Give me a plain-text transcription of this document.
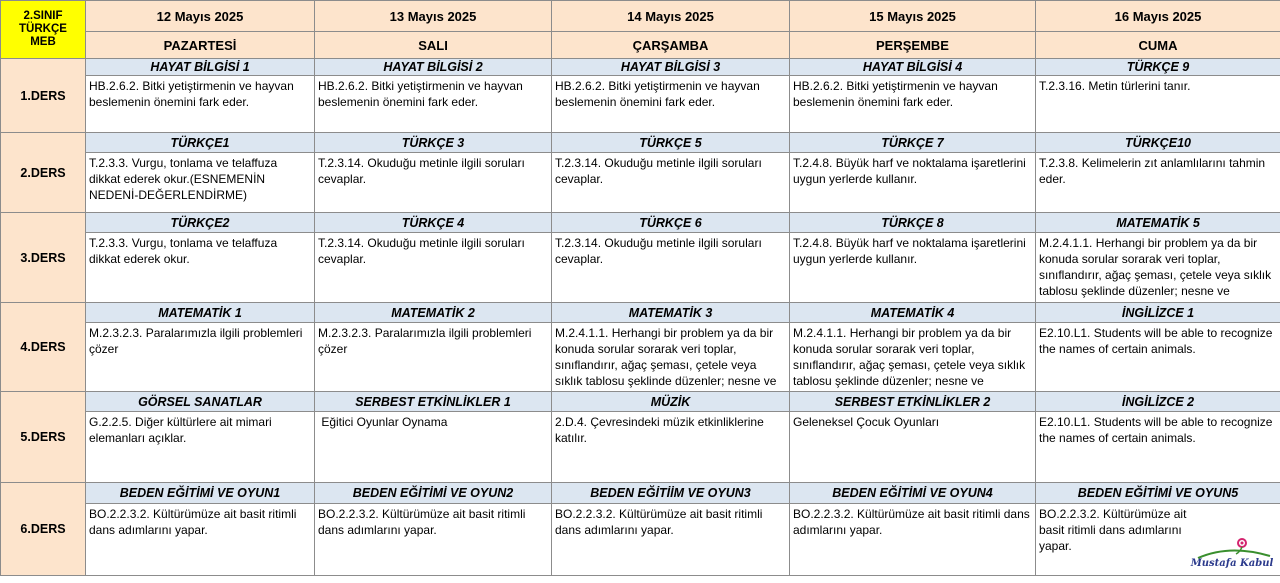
2.SINIF
TÜRKÇE
MEB	12 Mayıs 2025	13 Mayıs 2025	14 Mayıs 2025	15 Mayıs 2025	16 Mayıs 2025
	PAZARTESİ	SALI	ÇARŞAMBA	PERŞEMBE	CUMA
1.DERS	HAYAT BİLGİSİ 1	HAYAT BİLGİSİ 2	HAYAT BİLGİSİ 3	HAYAT BİLGİSİ 4	TÜRKÇE 9

	HB.2.6.2. Bitki yetiştirmenin ve hayvan beslemenin önemini fark eder.	HB.2.6.2. Bitki yetiştirmenin ve hayvan beslemenin önemini fark eder.	HB.2.6.2. Bitki yetiştirmenin ve hayvan beslemenin önemini fark eder.	HB.2.6.2. Bitki yetiştirmenin ve hayvan beslemenin önemini fark eder.	T.2.3.16. Metin türlerini tanır.

2.DERS	TÜRKÇE1	TÜRKÇE 3	TÜRKÇE 5	TÜRKÇE 7	TÜRKÇE10

	T.2.3.3. Vurgu, tonlama ve telaffuza dikkat ederek okur.(ESNEMENİN NEDENİ-DEĞERLENDİRME)	T.2.3.14. Okuduğu metinle ilgili soruları cevaplar.	T.2.3.14. Okuduğu metinle ilgili soruları cevaplar.	T.2.4.8. Büyük harf ve noktalama işaretlerini uygun yerlerde kullanır.	T.2.3.8. Kelimelerin zıt anlamlılarını tahmin eder.

3.DERS	TÜRKÇE2	TÜRKÇE 4	TÜRKÇE 6	TÜRKÇE 8	MATEMATİK 5

	T.2.3.3. Vurgu, tonlama ve telaffuza dikkat ederek okur.	T.2.3.14. Okuduğu metinle ilgili soruları cevaplar.	T.2.3.14. Okuduğu metinle ilgili soruları cevaplar.	T.2.4.8. Büyük harf ve noktalama işaretlerini uygun yerlerde kullanır.	M.2.4.1.1. Herhangi bir problem ya da bir konuda sorular sorarak veri toplar, sınıflandırır, ağaç şeması, çetele veya sıklık tablosu şeklinde düzenler; nesne ve

4.DERS	MATEMATİK 1	MATEMATİK 2	MATEMATİK 3	MATEMATİK 4	İNGİLİZCE 1

	M.2.3.2.3. Paralarımızla ilgili problemleri çözer	M.2.3.2.3. Paralarımızla ilgili problemleri çözer	M.2.4.1.1. Herhangi bir problem ya da bir konuda sorular sorarak veri toplar, sınıflandırır, ağaç şeması, çetele veya sıklık tablosu şeklinde düzenler; nesne ve	M.2.4.1.1. Herhangi bir problem ya da bir konuda sorular sorarak veri toplar, sınıflandırır, ağaç şeması, çetele veya sıklık tablosu şeklinde düzenler; nesne ve	E2.10.L1. Students will be able to recognize the names of certain animals.

5.DERS	GÖRSEL SANATLAR	SERBEST ETKİNLİKLER 1	MÜZİK	SERBEST ETKİNLİKLER 2	İNGİLİZCE 2

	G.2.2.5. Diğer kültürlere ait mimari elemanları açıklar.	Eğitici Oyunlar Oynama	2.D.4. Çevresindeki müzik etkinliklerine katılır.	Geleneksel Çocuk Oyunları	E2.10.L1. Students will be able to recognize the names of certain animals.

6.DERS	BEDEN EĞİTİMİ VE OYUN1	BEDEN EĞİTİMİ VE OYUN2	BEDEN EĞİTİİM VE OYUN3	BEDEN EĞİTİMİ VE OYUN4	BEDEN EĞİTİMİ VE OYUN5

	BO.2.2.3.2. Kültürümüze ait basit ritimli dans adımlarını yapar.	BO.2.2.3.2. Kültürümüze ait basit ritimli dans adımlarını yapar.	BO.2.2.3.2. Kültürümüze ait basit ritimli dans adımlarını yapar.	BO.2.2.3.2. Kültürümüze ait basit ritimli dans adımlarını yapar.	BO.2.2.3.2. Kültürümüze ait basit ritimli dans adımlarını yapar.
Mustafa Kabul
